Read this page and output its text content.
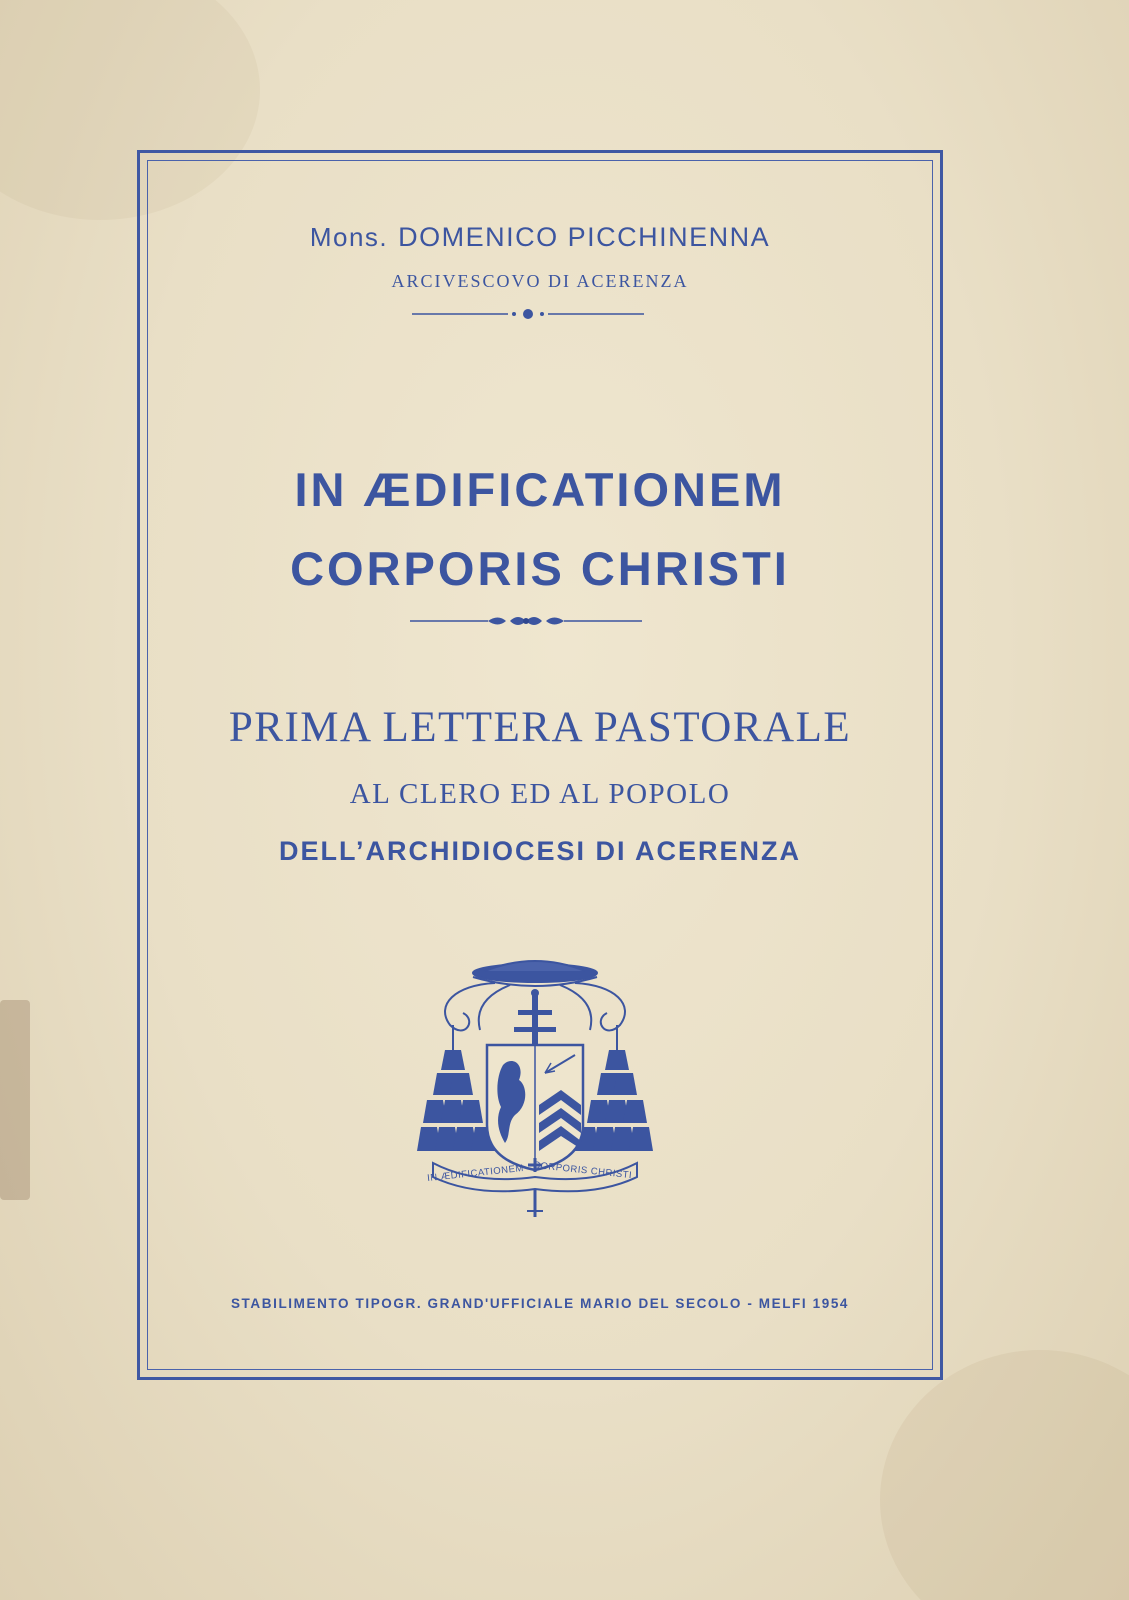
Mons. DOMENICO PICCHINENNA
ARCIVESCOVO DI ACERENZA
IN ÆDIFICATIONEM
CORPORIS CHRISTI
PRIMA LETTERA PASTORALE
AL CLERO ED AL POPOLO
DELL’ARCHIDIOCESI DI ACERENZA
IN ÆDIFICATIONEM CORPORIS CHRISTI
STABILIMENTO TIPOGR. GRAND'UFFICIALE MARIO DEL SECOLO - MELFI 1954
